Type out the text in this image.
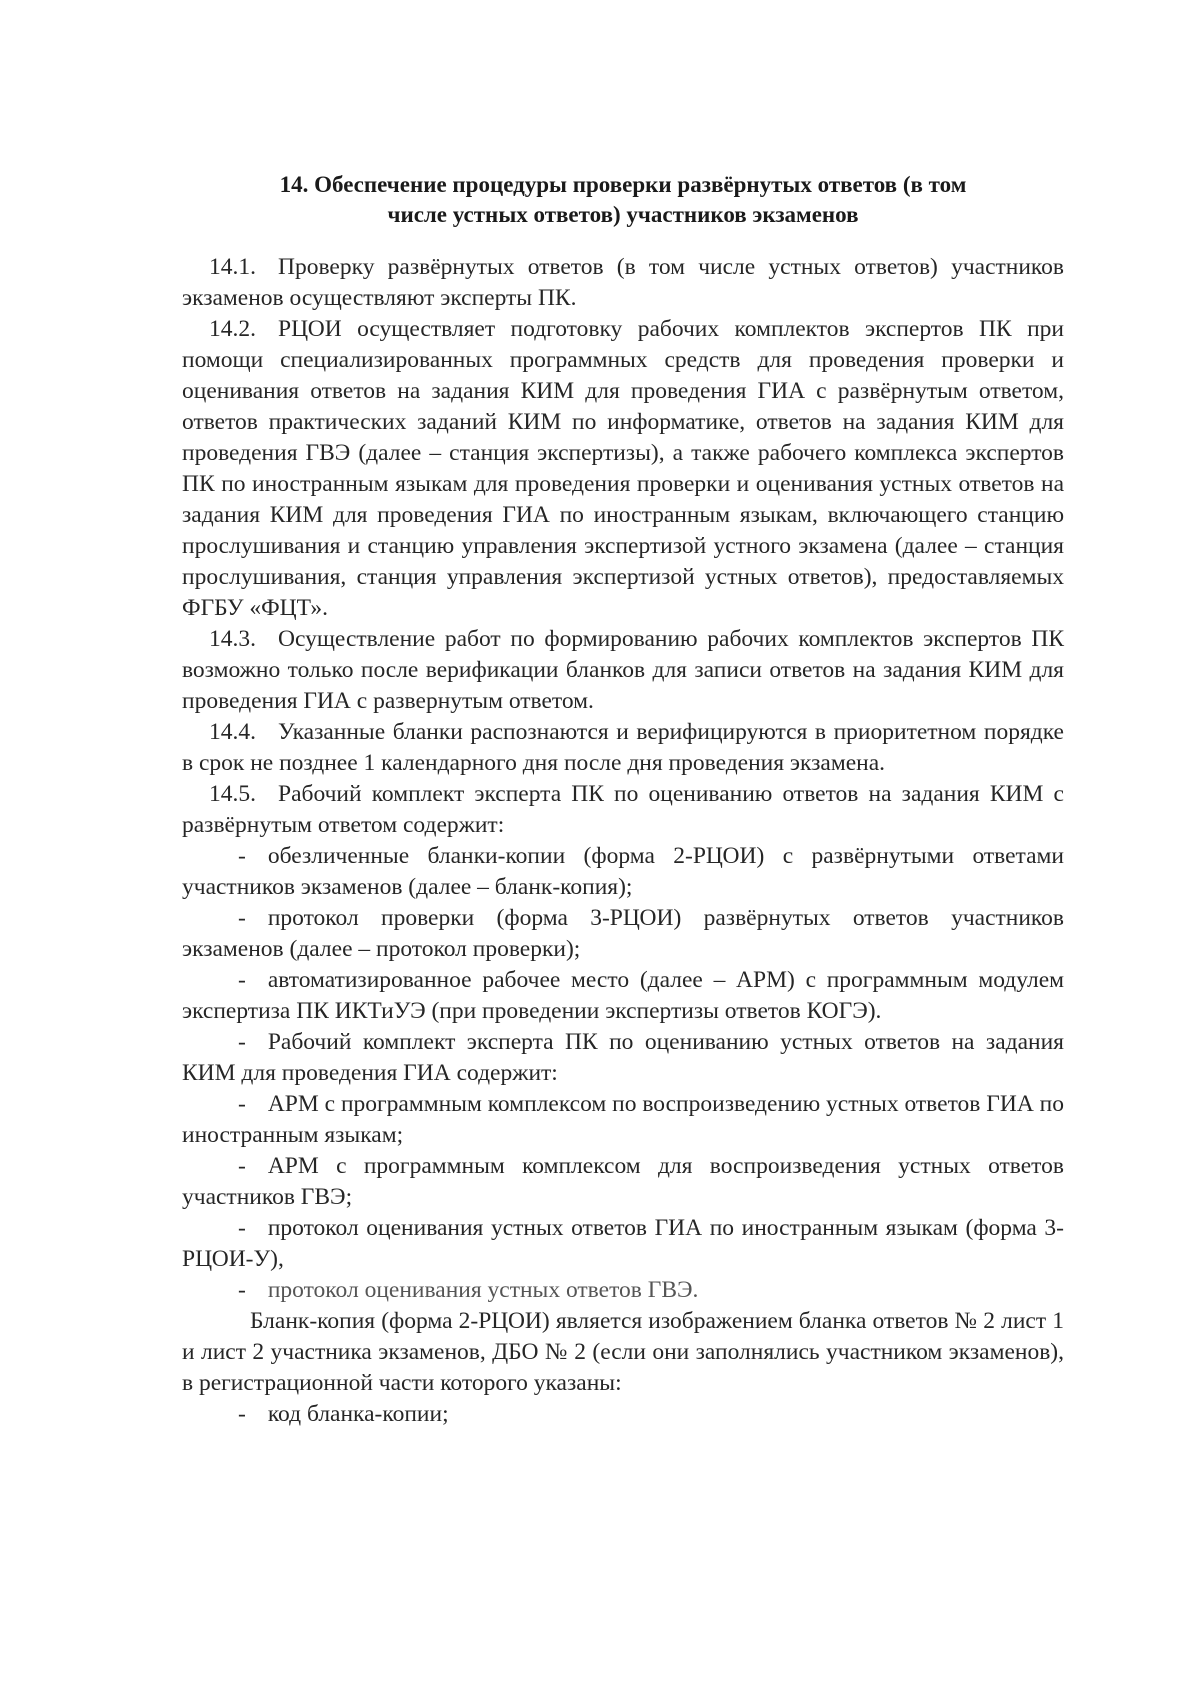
14. Обеспечение процедуры проверки развёрнутых ответов (в том
числе устных ответов) участников экзаменов

14.1. Проверку развёрнутых ответов (в том числе устных ответов) участников экзаменов осуществляют эксперты ПК.

14.2. РЦОИ осуществляет подготовку рабочих комплектов экспертов ПК при помощи специализированных программных средств для проведения проверки и оценивания ответов на задания КИМ для проведения ГИА с развёрнутым ответом, ответов практических заданий КИМ по информатике, ответов на задания КИМ для проведения ГВЭ (далее – станция экспертизы), а также рабочего комплекса экспертов ПК по иностранным языкам для проведения проверки и оценивания устных ответов на задания КИМ для проведения ГИА по иностранным языкам, включающего станцию прослушивания и станцию управления экспертизой устного экзамена (далее – станция прослушивания, станция управления экспертизой устных ответов), предоставляемых ФГБУ «ФЦТ».

14.3. Осуществление работ по формированию рабочих комплектов экспертов ПК возможно только после верификации бланков для записи ответов на задания КИМ для проведения ГИА с развернутым ответом.

14.4. Указанные бланки распознаются и верифицируются в приоритетном порядке в срок не позднее 1 календарного дня после дня проведения экзамена.

14.5. Рабочий комплект эксперта ПК по оцениванию ответов на задания КИМ с развёрнутым ответом содержит:

- обезличенные бланки-копии (форма 2-РЦОИ) с развёрнутыми ответами участников экзаменов (далее – бланк-копия);

- протокол проверки (форма 3-РЦОИ) развёрнутых ответов участников экзаменов (далее – протокол проверки);

- автоматизированное рабочее место (далее – АРМ) с программным модулем экспертиза ПК ИКТиУЭ (при проведении экспертизы ответов КОГЭ).

- Рабочий комплект эксперта ПК по оцениванию устных ответов на задания КИМ для проведения ГИА содержит:

- АРМ с программным комплексом по воспроизведению устных ответов ГИА по иностранным языкам;

- АРМ с программным комплексом для воспроизведения устных ответов участников ГВЭ;

- протокол оценивания устных ответов ГИА по иностранным языкам (форма 3-РЦОИ-У),

- протокол оценивания устных ответов ГВЭ.

Бланк-копия (форма 2-РЦОИ) является изображением бланка ответов № 2 лист 1 и лист 2 участника экзаменов, ДБО № 2 (если они заполнялись участником экзаменов), в регистрационной части которого указаны:

- код бланка-копии;
